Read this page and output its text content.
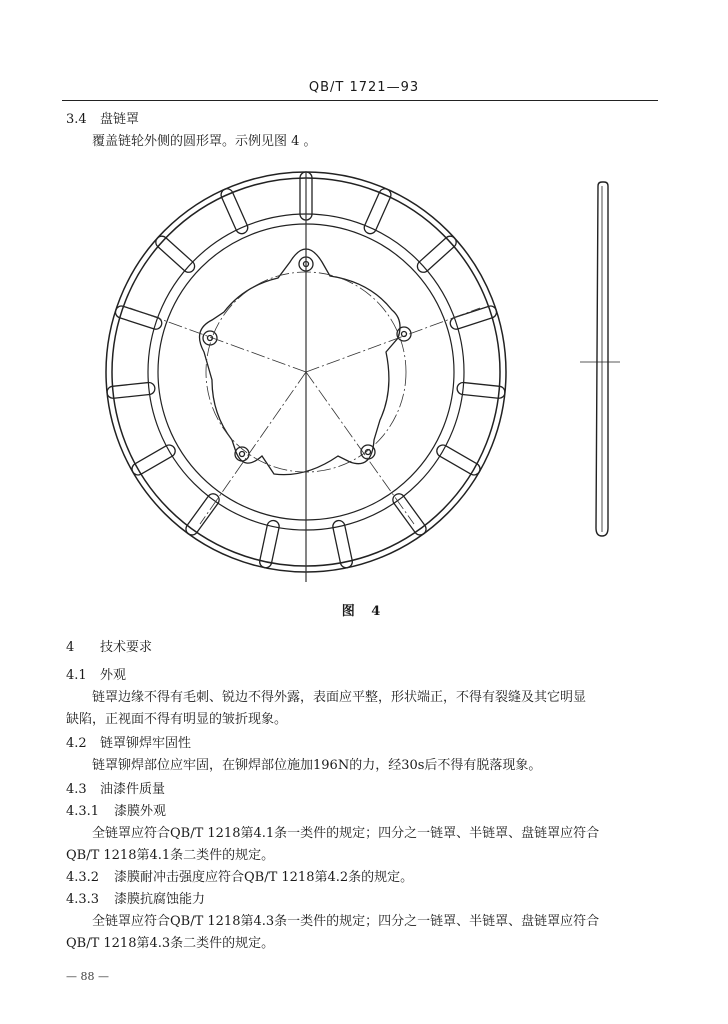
QB/T 1721—93
3.4 盘链罩
覆盖链轮外侧的圆形罩。示例见图 4 。
图 4
4 技术要求
4.1 外观
链罩边缘不得有毛刺、锐边不得外露，表面应平整，形状端正，不得有裂缝及其它明显
缺陷，正视面不得有明显的皱折现象。
4.2 链罩铆焊牢固性
链罩铆焊部位应牢固，在铆焊部位施加196N的力，经30s后不得有脱落现象。
4.3 油漆件质量
4.3.1 漆膜外观
全链罩应符合QB/T 1218第4.1条一类件的规定；四分之一链罩、半链罩、盘链罩应符合
QB/T 1218第4.1条二类件的规定。
4.3.2 漆膜耐冲击强度应符合QB/T 1218第4.2条的规定。
4.3.3 漆膜抗腐蚀能力
全链罩应符合QB/T 1218第4.3条一类件的规定；四分之一链罩、半链罩、盘链罩应符合
QB/T 1218第4.3条二类件的规定。
— 88 —
